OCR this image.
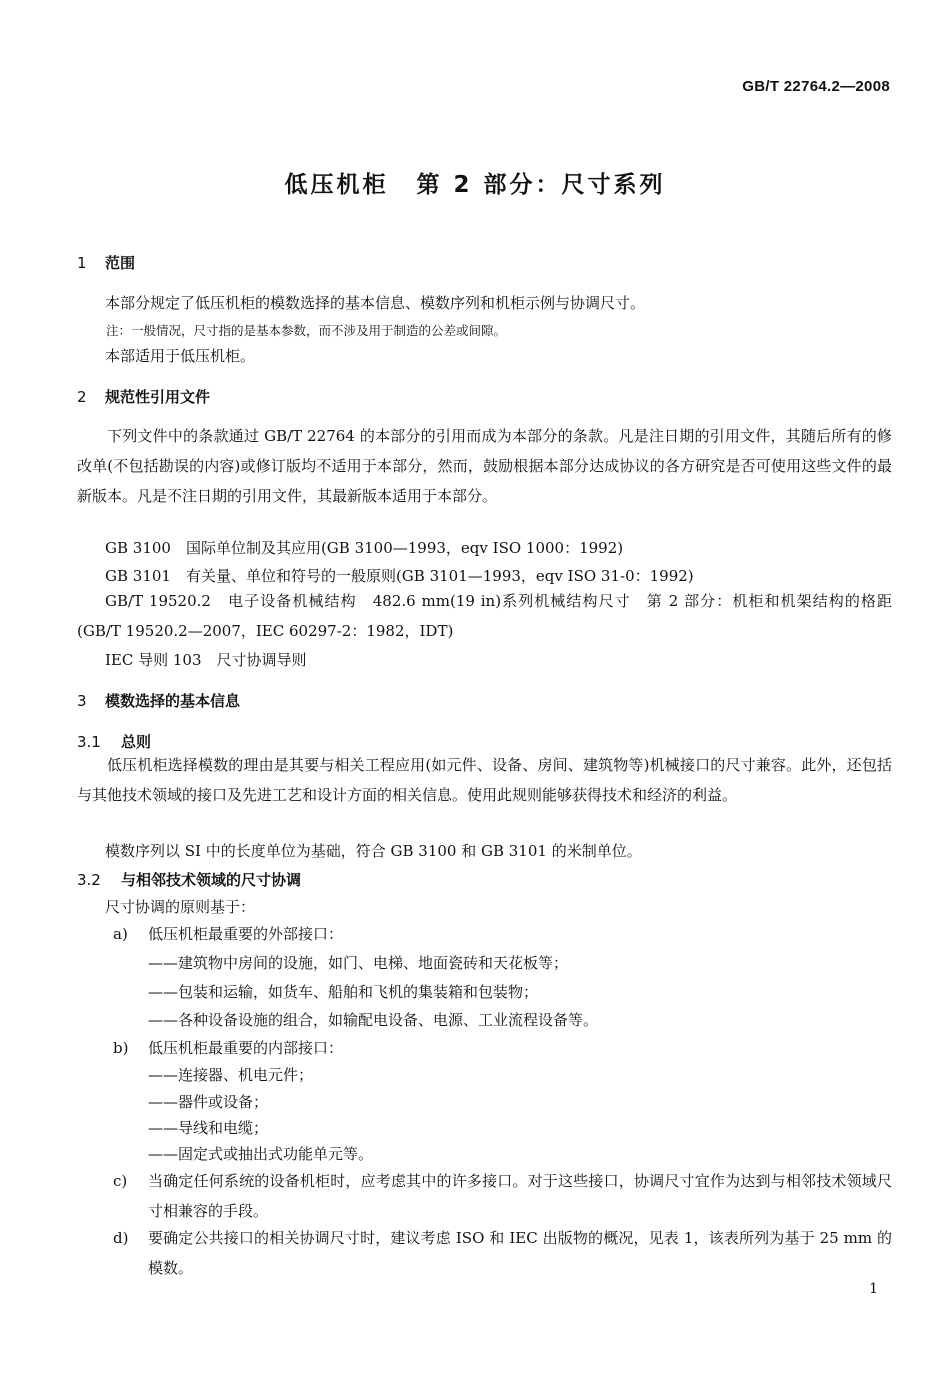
GB/T 22764.2—2008
低压机柜 第 2 部分：尺寸系列
1 范围
本部分规定了低压机柜的模数选择的基本信息、模数序列和机柜示例与协调尺寸。
注：一般情况，尺寸指的是基本参数，而不涉及用于制造的公差或间隙。
本部适用于低压机柜。
2 规范性引用文件
下列文件中的条款通过 GB/T 22764 的本部分的引用而成为本部分的条款。凡是注日期的引用文件，其随后所有的修改单(不包括勘误的内容)或修订版均不适用于本部分，然而，鼓励根据本部分达成协议的各方研究是否可使用这些文件的最新版本。凡是不注日期的引用文件，其最新版本适用于本部分。
GB 3100　国际单位制及其应用(GB 3100—1993，eqv ISO 1000：1992)
GB 3101　有关量、单位和符号的一般原则(GB 3101—1993，eqv ISO 31-0：1992)
GB/T 19520.2　电子设备机械结构　482.6 mm(19 in)系列机械结构尺寸　第 2 部分：机柜和机架结构的格距(GB/T 19520.2—2007，IEC 60297-2：1982，IDT)
IEC 导则 103　尺寸协调导则
3 模数选择的基本信息
3.1 总则
低压机柜选择模数的理由是其要与相关工程应用(如元件、设备、房间、建筑物等)机械接口的尺寸兼容。此外，还包括与其他技术领域的接口及先进工艺和设计方面的相关信息。使用此规则能够获得技术和经济的利益。
模数序列以 SI 中的长度单位为基础，符合 GB 3100 和 GB 3101 的米制单位。
3.2 与相邻技术领域的尺寸协调
尺寸协调的原则基于：
a) 低压机柜最重要的外部接口：
——建筑物中房间的设施，如门、电梯、地面瓷砖和天花板等；
——包装和运输，如货车、船舶和飞机的集装箱和包装物；
——各种设备设施的组合，如输配电设备、电源、工业流程设备等。
b) 低压机柜最重要的内部接口：
——连接器、机电元件；
——器件或设备；
——导线和电缆；
——固定式或抽出式功能单元等。
c)	当确定任何系统的设备机柜时，应考虑其中的许多接口。对于这些接口，协调尺寸宜作为达到与相邻技术领域尺寸相兼容的手段。
d)	要确定公共接口的相关协调尺寸时，建议考虑 ISO 和 IEC 出版物的概况，见表 1，该表所列为基于 25 mm 的模数。
1
